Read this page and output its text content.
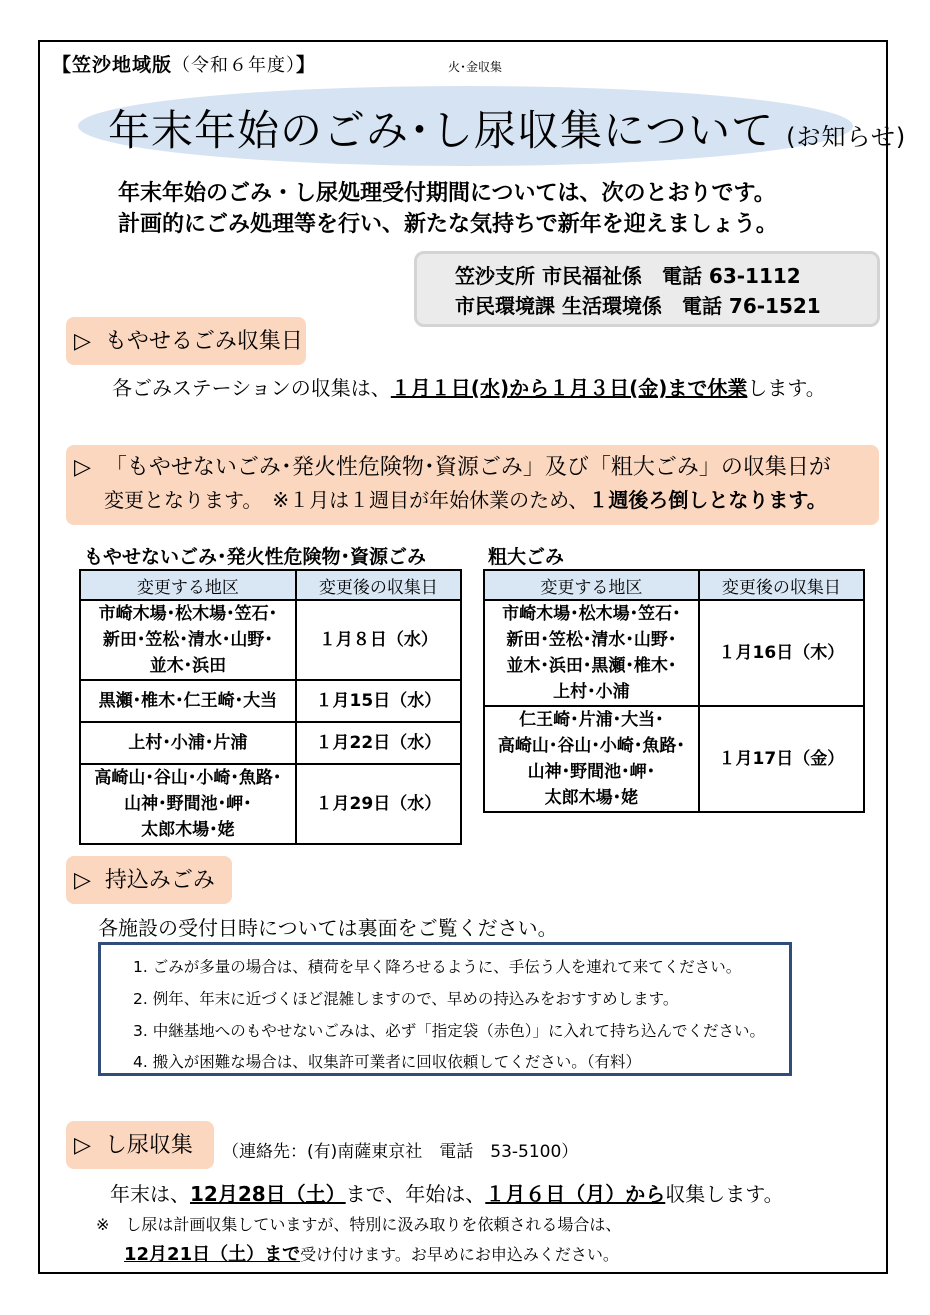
【笠沙地域版（令和６年度）】	火･金収集
年末年始のごみ･し尿収集について (お知らせ)
年末年始のごみ・し尿処理受付期間については、次のとおりです。
計画的にごみ処理等を行い、新たな気持ちで新年を迎えましょう。
笠沙支所 市民福祉係　電話 63-1112
市民環境課 生活環境係　電話 76-1521
▷ もやせるごみ収集日
各ごみステーションの収集は、１月１日(水)から１月３日(金)まで休業します。
▷ 「もやせないごみ･発火性危険物･資源ごみ」及び「粗大ごみ」の収集日が
変更となります。　※１月は１週目が年始休業のため、１週後ろ倒しとなります。
もやせないごみ･発火性危険物･資源ごみ
変更する地区	変更後の収集日

市崎木場･松木場･笠石･
新田･笠松･清水･山野･
並木･浜田	１月８日（水）
黒瀬･椎木･仁王崎･大当	１月15日（水）
上村･小浦･片浦	１月22日（水）

高崎山･谷山･小崎･魚路･
山神･野間池･岬･
太郎木場･姥	１月29日（水）
粗大ごみ
変更する地区	変更後の収集日

市崎木場･松木場･笠石･
新田･笠松･清水･山野･
並木･浜田･黒瀬･椎木･
上村･小浦	１月16日（木）

仁王崎･片浦･大当･
高崎山･谷山･小崎･魚路･
山神･野間池･岬･
太郎木場･姥	１月17日（金）
▷ 持込みごみ
各施設の受付日時については裏面をご覧ください。
1. ごみが多量の場合は、積荷を早く降ろせるように、手伝う人を連れて来てください。
2. 例年、年末に近づくほど混雑しますので、早めの持込みをおすすめします。
3. 中継基地へのもやせないごみは、必ず「指定袋（赤色）」に入れて持ち込んでください。
4. 搬入が困難な場合は、収集許可業者に回収依頼してください。（有料）
▷ し尿収集	（連絡先：(有)南薩東京社　電話　53-5100）
年末は、12月28日（土）まで、年始は、１月６日（月）から収集します。
※　し尿は計画収集していますが、特別に汲み取りを依頼される場合は、
12月21日（土）まで受け付けます。お早めにお申込みください。
